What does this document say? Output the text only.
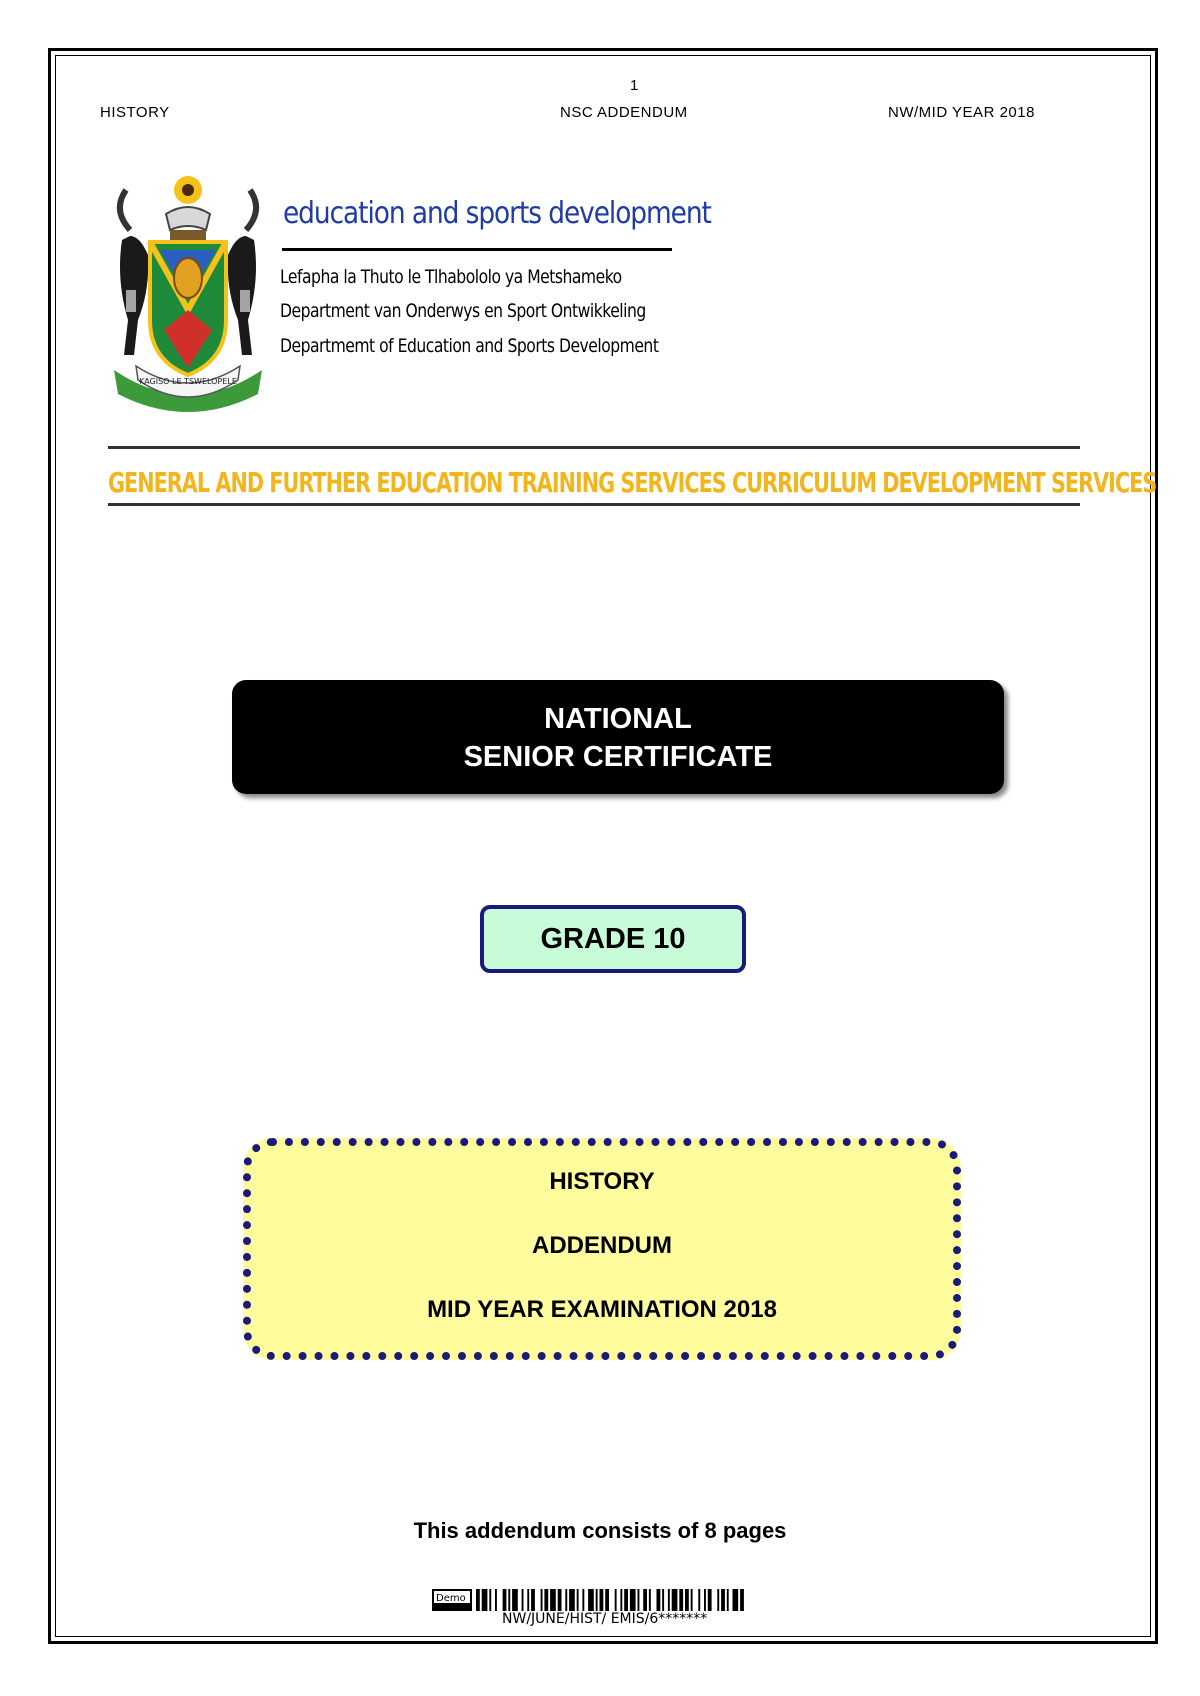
1
HISTORY	NSC ADDENDUM	NW/MID YEAR 2018
KAGISO LE TSWELOPELE
education and sports development
Lefapha la Thuto le Tlhabololo ya Metshameko
Department van Onderwys en Sport Ontwikkeling
Departmemt of Education and Sports Development
GENERAL AND FURTHER EDUCATION TRAINING SERVICES CURRICULUM DEVELOPMENT SERVICES
NATIONAL
SENIOR CERTIFICATE
GRADE 10
HISTORY
ADDENDUM
MID YEAR EXAMINATION 2018
This addendum consists of 8 pages
Demo
NW/JUNE/HIST/ EMIS/6*******
